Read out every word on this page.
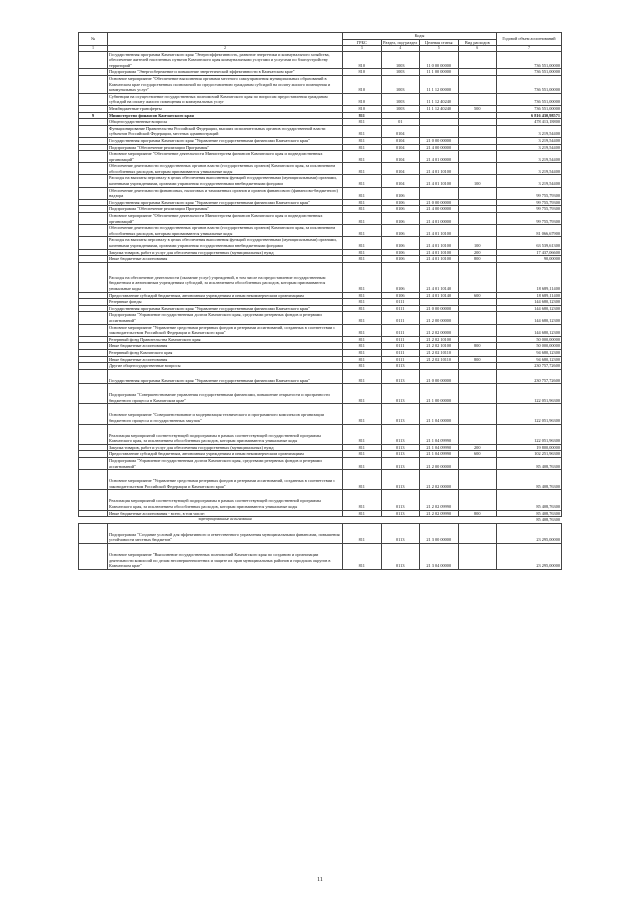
№		Коды				Годовой объем ассигнований
		ГРБС	Раздел, под-раздел	Целевая статья	Вид расходов	
1	2	3	4	5	6	7
	Государственная программа Камчатского края "Энергоэффективность, развитие энергетики и коммунального хозяйства, обеспечение жителей населенных пунктов Камчатского края коммунальными услугами и услугами по благоустройству территорий"	810	1003	11 0 00 00000		736 551,00000
	Подпрограмма "Энергосбережение и повышение энергетической эффективности в Камчатском крае"	810	1003	11 1 00 00000		736 551,00000
	Основное мероприятие "Обеспечение выполнения органами местного самоуправления муниципальных образований в Камчатском крае государственных полномочий по предоставлению гражданам субсидий на оплату жилого помещения и коммунальных услуг"	810	1003	11 1 12 00000		736 551,00000
	Субвенции на осуществление государственных полномочий Камчатского края по вопросам предоставления гражданам субсидий на оплату жилого помещения и коммунальных услуг	810	1003	11 1 12 40240		736 551,00000
	Межбюджетные трансферты	810	1003	11 1 12 40240	500	736 551,00000
9	Министерство финансов Камчатского края	811				6 816 430,98571
	Общегосударственные вопросы	811	01			478 413,18800
	Функционирование Правительства Российской Федерации, высших исполнительных органов государственной власти субъектов Российской Федерации, местных администраций	811	0104			3 219,54400
	Государственная программа Камчатского края "Управление государственными финансами Камчатского края"	811	0104	21 0 00 00000		3 219,54400
	Подпрограмма "Обеспечение реализации Программы"	811	0104	21 4 00 00000		3 219,54400
	Основное мероприятие "Обеспечение деятельности Министерства финансов Камчатского края и подведомственных организаций"	811	0104	21 4 01 00000		3 219,54400
	Обеспечение деятельности государственных органов власти (государственных органов) Камчатского края, за исключением обособленных расходов, которым присваиваются уникальные коды	811	0104	21 4 01 10100		3 219,54400
	Расходы на выплаты персоналу в целях обеспечения выполнения функций государственными (муниципальными) органами, казенными учреждениями, органами управления государственными внебюджетными фондами	811	0104	21 4 01 10100	100	3 219,54400
	Обеспечение деятельности финансовых, налоговых и таможенных органов и органов финансового (финансово-бюджетного) надзора	811	0106			99 755,79300
	Государственная программа Камчатского края "Управление государственными финансами Камчатского края"	811	0106	21 0 00 00000		99 755,79300
	Подпрограмма "Обеспечение реализации Программы"	811	0106	21 4 00 00000		99 755,79300
	Основное мероприятие "Обеспечение деятельности Министерства финансов Камчатского края и подведомственных организаций"	811	0106	21 4 01 00000		99 755,79300
	Обеспечение деятельности государственных органов власти (государственных органов) Камчатского края, за исключением обособленных расходов, которым присваиваются уникальные коды	811	0106	21 4 01 10100		81 066,67900
	Расходы на выплаты персоналу в целях обеспечения выполнения функций государственными (муниципальными) органами, казенными учреждениями, органами управления государственными внебюджетными фондами	811	0106	21 4 01 10100	100	63 539,61300
	Закупка товаров, работ и услуг для обеспечения государственных (муниципальных) нужд	811	0106	21 4 01 10100	200	17 437,06600
	Иные бюджетные ассигнования	811	0106	21 4 01 10100	800	90,00000
	Расходы на обеспечение деятельности (оказание услуг) учреждений, в том числе на предоставление государственным бюджетным и автономным учреждениям субсидий, за исключением обособленных расходов, которым присваиваются уникальные коды	811	0106	21 4 01 10140		18 689,11400
	Предоставление субсидий бюджетным, автономным учреждениям и иным некоммерческим организациям	811	0106	21 4 01 10140	600	18 689,11400
	Резервные фонды	811	0111			144 680,12300
	Государственная программа Камчатского края "Управление государственными финансами Камчатского края"	811	0111	21 0 00 00000		144 680,12300
	Подпрограмма "Управление государственным долгом Камчатского края, средствами резервных фондов и резервами ассигнований"	811	0111	21 2 00 00000		144 680,12300
	Основное мероприятие "Управление средствами резервных фондов и резервами ассигнований, созданных в соответствии с законодательством Российской Федерации и Камчатского края"	811	0111	21 2 02 00000		144 680,12300
	Резервный фонд Правительства Камчатского края	811	0111	21 2 02 10100		50 000,00000
	Иные бюджетные ассигнования	811	0111	21 2 02 10100	800	50 000,00000
	Резервный фонд Камчатского края	811	0111	21 2 02 10110		94 680,12300
	Иные бюджетные ассигнования	811	0111	21 2 02 10110	800	94 680,12300
	Другие общегосударственные вопросы	811	0113			230 757,72600
	Государственная программа Камчатского края "Управление государственными финансами Камчатского края"	811	0113	21 0 00 00000		230 757,72600
	Подпрограмма "Совершенствование управления государственными финансами, повышение открытости и прозрачности бюджетного процесса в Камчатском крае"	811	0113	21 1 00 00000		122 051,96300
	Основное мероприятие "Совершенствование и модернизация технического и программного комплексов организации бюджетного процесса и государственных закупок"	811	0113	21 1 04 00000		122 051,96300
	Реализация мероприятий соответствующей подпрограммы в рамках соответствующей государственной программы Камчатского края, за исключением обособленных расходов, которым присваиваются уникальные коды	811	0113	21 1 04 09990		122 051,96300
	Закупка товаров, работ и услуг для обеспечения государственных (муниципальных) нужд	811	0113	21 1 04 09990	200	19 800,00000
	Предоставление субсидий бюджетным, автономным учреждениям и иным некоммерческим организациям	811	0113	21 1 04 09990	600	102 251,96300
	Подпрограмма "Управление государственным долгом Камчатского края, средствами резервных фондов и резервами ассигнований"	811	0113	21 2 00 00000		85 408,76300
	Основное мероприятие "Управление средствами резервных фондов и резервами ассигнований, созданных в соответствии с законодательством Российской Федерации и Камчатского края"	811	0113	21 2 02 00000		85 408,76300
	Реализация мероприятий соответствующей подпрограммы в рамках соответствующей государственной программы Камчатского края, за исключением обособленных расходов, которым присваиваются уникальные коды	811	0113	21 2 02 09990		85 408,76300
	Иные бюджетные ассигнования - всего, в том числе:	811	0113	21 2 02 09990	800	85 408,76300
	зарезервированные ассигнования					85 408,76300
	Подпрограмма "Создание условий для эффективного и ответственного управления муниципальными финансами, повышения устойчивости местных бюджетов"	811	0113	21 3 00 00000		23 295,00000
	Основное мероприятие "Выполнение государственных полномочий Камчатского края по созданию и организации деятельности комиссий по делам несовершеннолетних и защите их прав муниципальных районов и городских округов в Камчатском крае"	811	0113	21 3 04 00000		23 295,00000
11
